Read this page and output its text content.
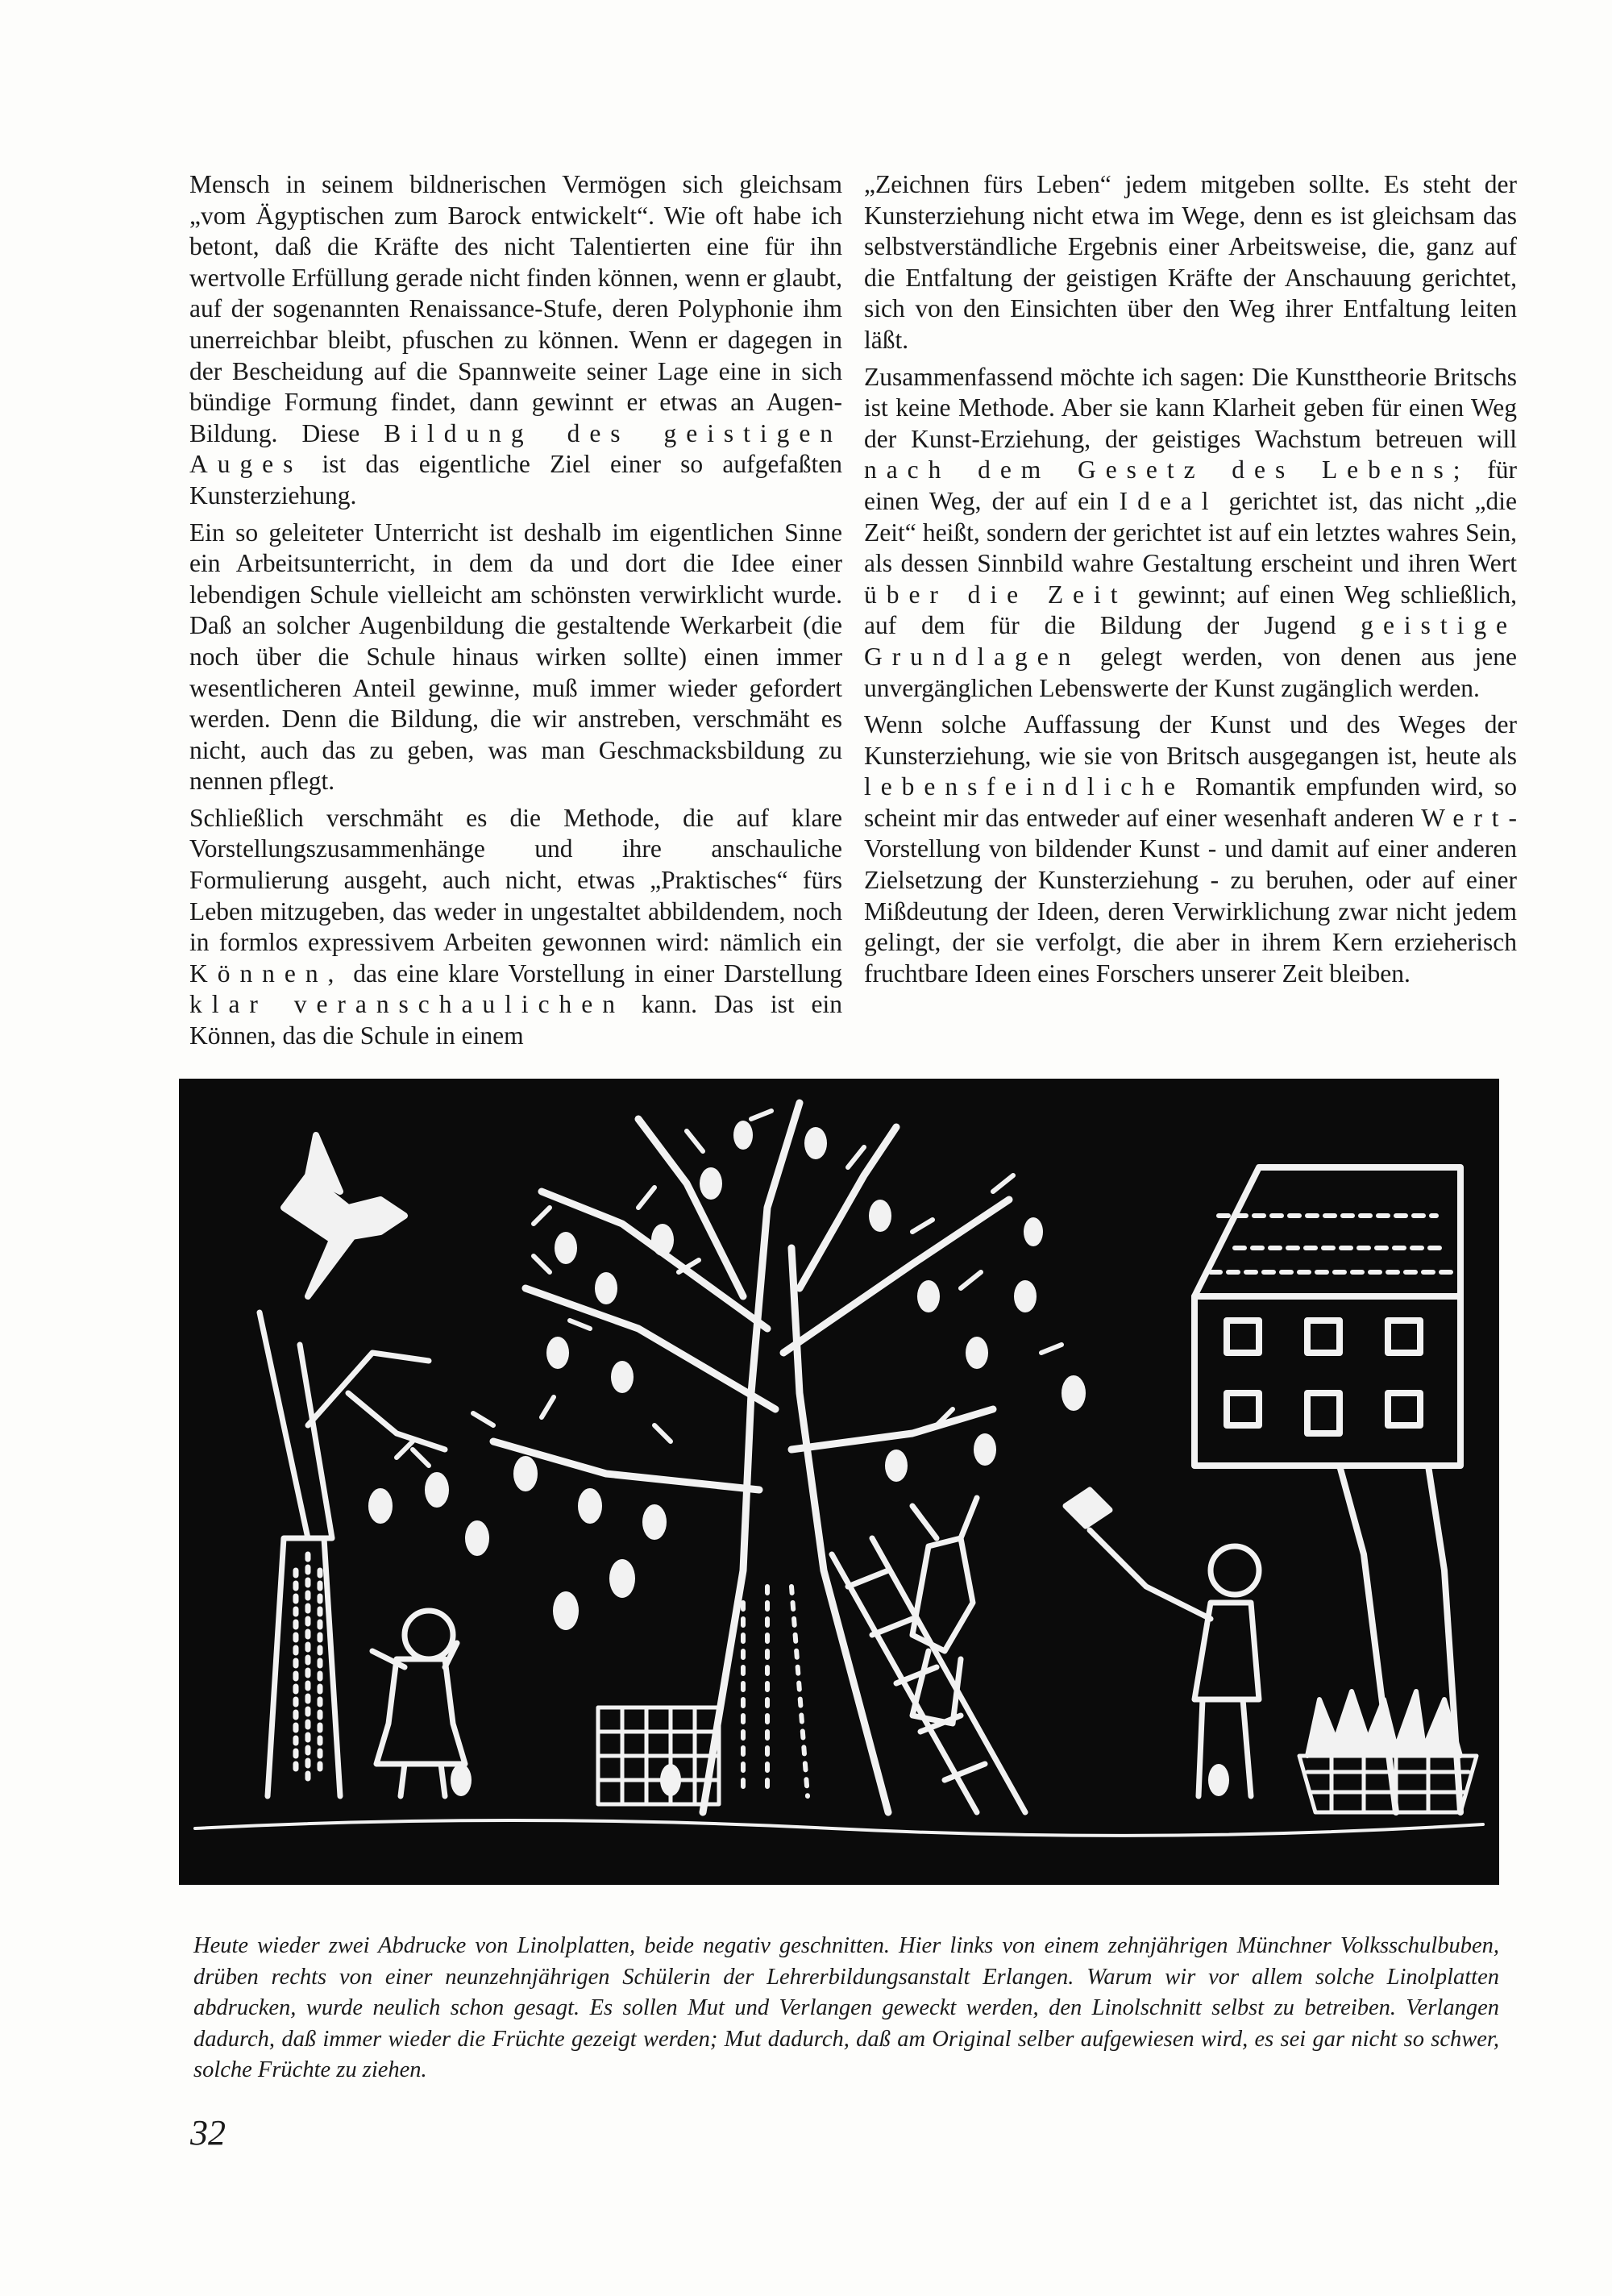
Mensch in seinem bildnerischen Vermögen sich gleichsam „vom Ägyptischen zum Barock entwickelt“. Wie oft habe ich betont, daß die Kräfte des nicht Talentierten eine für ihn wertvolle Erfüllung gerade nicht finden können, wenn er glaubt, auf der sogenannten Renaissance-Stufe, deren Polyphonie ihm unerreichbar bleibt, pfuschen zu können. Wenn er dagegen in der Bescheidung auf die Spannweite seiner Lage eine in sich bündige Formung findet, dann gewinnt er etwas an Augen-Bildung. Diese Bildung des geistigen Auges ist das eigentliche Ziel einer so aufgefaßten Kunsterziehung.

Ein so geleiteter Unterricht ist deshalb im eigentlichen Sinne ein Arbeitsunterricht, in dem da und dort die Idee einer lebendigen Schule vielleicht am schönsten verwirklicht wurde. Daß an solcher Augenbildung die gestaltende Werkarbeit (die noch über die Schule hinaus wirken sollte) einen immer wesentlicheren Anteil gewinne, muß immer wieder gefordert werden. Denn die Bildung, die wir anstreben, verschmäht es nicht, auch das zu geben, was man Geschmacksbildung zu nennen pflegt.

Schließlich verschmäht es die Methode, die auf klare Vorstellungszusammenhänge und ihre anschauliche Formulierung ausgeht, auch nicht, etwas „Praktisches“ fürs Leben mitzugeben, das weder in ungestaltet abbildendem, noch in formlos expressivem Arbeiten gewonnen wird: nämlich ein Können, das eine klare Vorstellung in einer Darstellung klar veranschaulichen kann. Das ist ein Können, das die Schule in einem

„Zeichnen fürs Leben“ jedem mitgeben sollte. Es steht der Kunsterziehung nicht etwa im Wege, denn es ist gleichsam das selbstverständliche Ergebnis einer Arbeitsweise, die, ganz auf die Entfaltung der geistigen Kräfte der Anschauung gerichtet, sich von den Einsichten über den Weg ihrer Entfaltung leiten läßt.

Zusammenfassend möchte ich sagen: Die Kunsttheorie Britschs ist keine Methode. Aber sie kann Klarheit geben für einen Weg der Kunst-Erziehung, der geistiges Wachstum betreuen will nach dem Gesetz des Lebens; für einen Weg, der auf ein Ideal gerichtet ist, das nicht „die Zeit“ heißt, sondern der gerichtet ist auf ein letztes wahres Sein, als dessen Sinnbild wahre Gestaltung erscheint und ihren Wert über die Zeit gewinnt; auf einen Weg schließlich, auf dem für die Bildung der Jugend geistige Grundlagen gelegt werden, von denen aus jene unvergänglichen Lebenswerte der Kunst zugänglich werden.

Wenn solche Auffassung der Kunst und des Weges der Kunsterziehung, wie sie von Britsch ausgegangen ist, heute als lebensfeindliche Romantik empfunden wird, so scheint mir das entweder auf einer wesenhaft anderen Wert-Vorstellung von bildender Kunst - und damit auf einer anderen Zielsetzung der Kunsterziehung - zu beruhen, oder auf einer Mißdeutung der Ideen, deren Verwirklichung zwar nicht jedem gelingt, der sie verfolgt, die aber in ihrem Kern erzieherisch fruchtbare Ideen eines Forschers unserer Zeit bleiben.

Heute wieder zwei Abdrucke von Linolplatten, beide negativ geschnitten. Hier links von einem zehnjährigen Münchner Volksschulbuben, drüben rechts von einer neunzehnjährigen Schülerin der Lehrerbildungsanstalt Erlangen. Warum wir vor allem solche Linolplatten abdrucken, wurde neulich schon gesagt. Es sollen Mut und Verlangen geweckt werden, den Linolschnitt selbst zu betreiben. Verlangen dadurch, daß immer wieder die Früchte gezeigt werden; Mut dadurch, daß am Original selber aufgewiesen wird, es sei gar nicht so schwer, solche Früchte zu ziehen.

32
